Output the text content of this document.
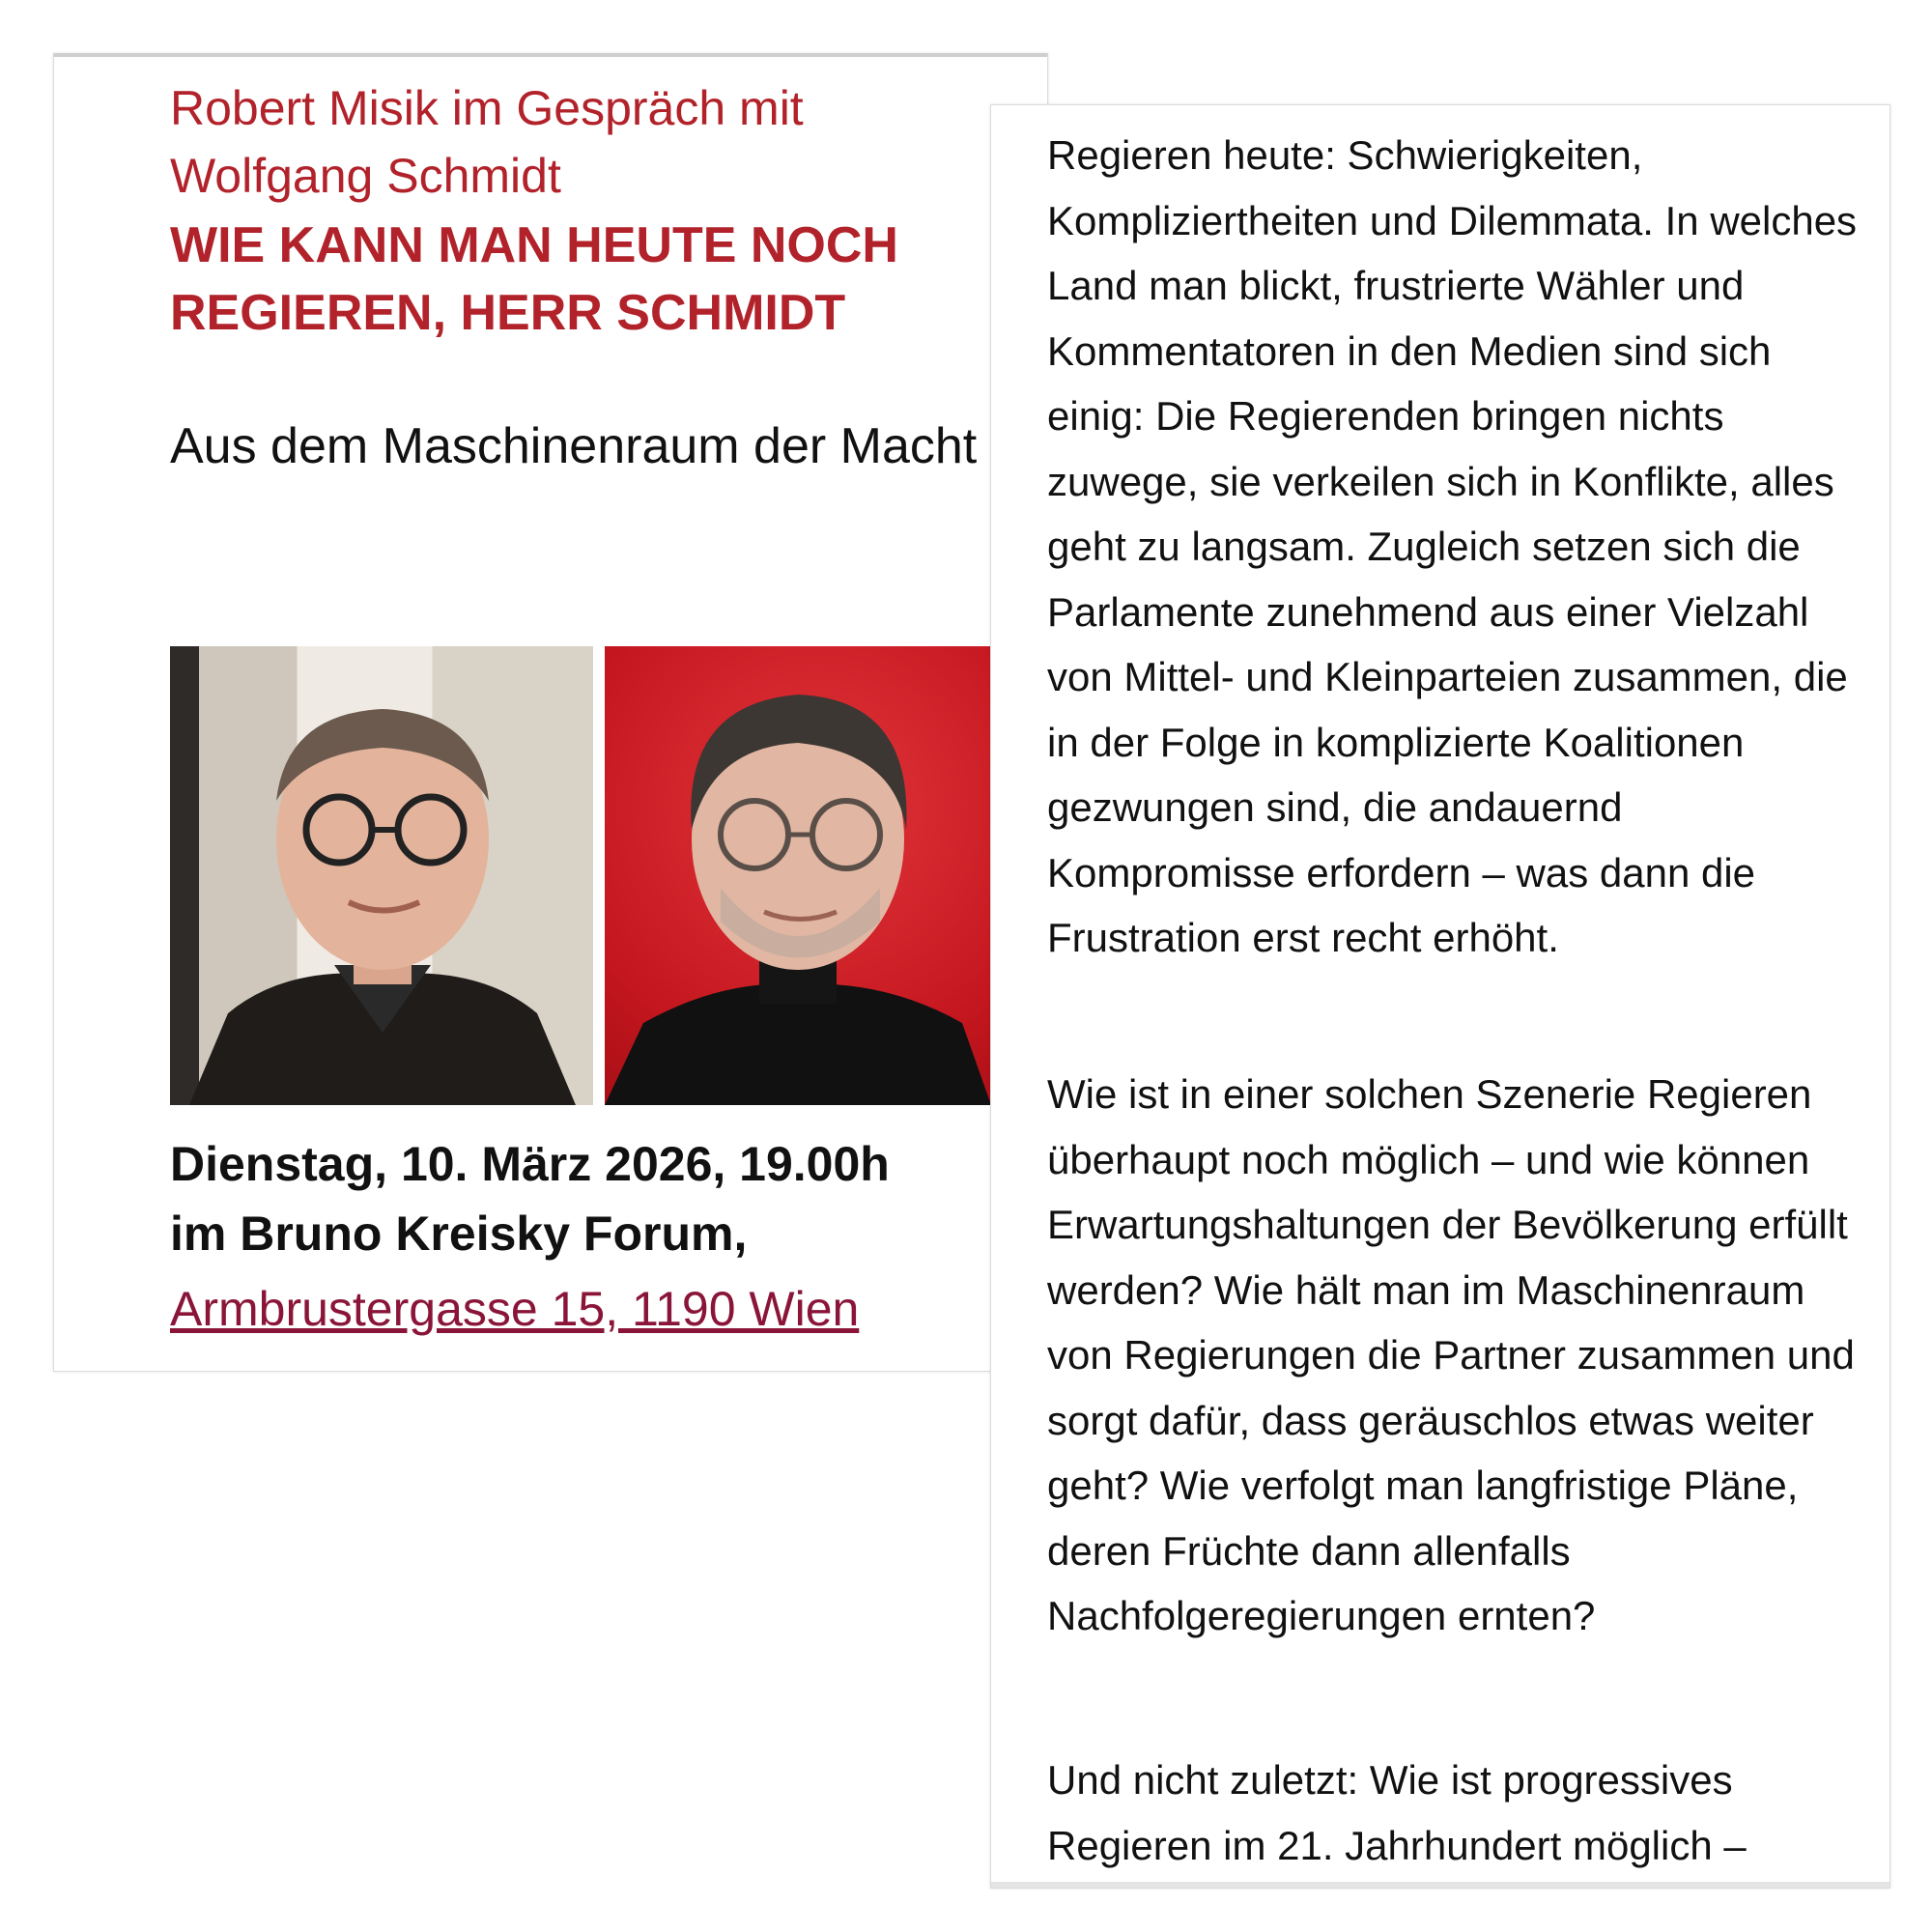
Robert Misik im Gespräch mit Wolfgang Schmidt
WIE KANN MAN HEUTE NOCH REGIEREN, HERR SCHMIDT
Aus dem Maschinenraum der Macht
Dienstag, 10. März 2026, 19.00h
im Bruno Kreisky Forum,
Armbrustergasse 15, 1190 Wien

Regieren heute: Schwierigkeiten, Kompliziertheiten und Dilemmata. In welches Land man blickt, frustrierte Wähler und Kommentatoren in den Medien sind sich einig: Die Regierenden bringen nichts zuwege, sie verkeilen sich in Konflikte, alles geht zu langsam. Zugleich setzen sich die Parlamente zunehmend aus einer Vielzahl von Mittel- und Kleinparteien zusammen, die in der Folge in komplizierte Koalitionen gezwungen sind, die andauernd Kompromisse erfordern – was dann die Frustration erst recht erhöht.

Wie ist in einer solchen Szenerie Regieren überhaupt noch möglich – und wie können Erwartungshaltungen der Bevölkerung erfüllt werden? Wie hält man im Maschinenraum von Regierungen die Partner zusammen und sorgt dafür, dass geräuschlos etwas weiter geht? Wie verfolgt man langfristige Pläne, deren Früchte dann allenfalls Nachfolgeregierungen ernten?

Und nicht zuletzt: Wie ist progressives Regieren im 21. Jahrhundert möglich –
